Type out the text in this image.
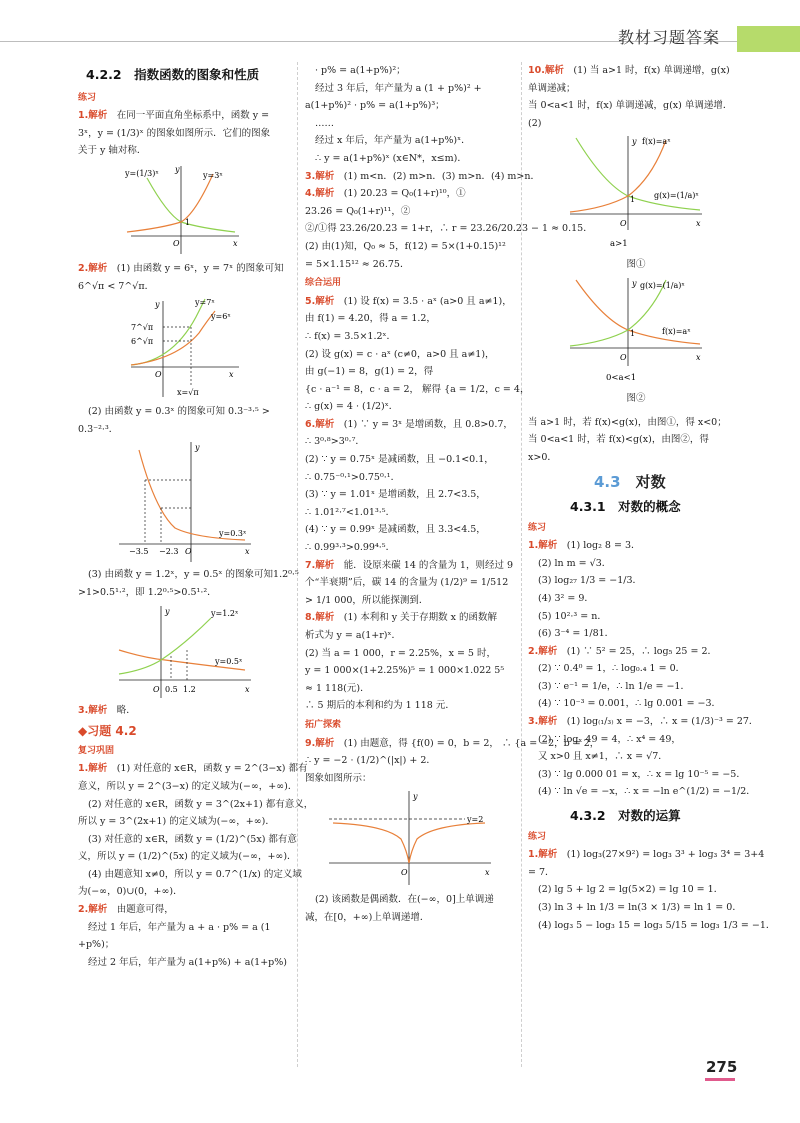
教材习题答案
4.2.2　指数函数的图象和性质
练习
1.解析　在同一平面直角坐标系中，函数 y =
3ˣ，y = (1/3)ˣ 的图象如图所示．它们的图象
关于 y 轴对称．
y=(1/3)ˣ	y=3ˣ
O	x
y
1
2.解析　(1) 由函数 y = 6ˣ，y = 7ˣ 的图象可知
6^√π < 7^√π．
y=7ˣ
y=6ˣ
7^√π
6^√π
O	x
y
x=√π
(2) 由函数 y = 0.3ˣ 的图象可知 0.3⁻³·⁵ >
0.3⁻²·³．
y=0.3ˣ
−3.5 −2.3 O	x
y
(3) 由函数 y = 1.2ˣ，y = 0.5ˣ 的图象可知1.2⁰·⁵
>1>0.5¹·²，即 1.2⁰·⁵>0.5¹·²．
y=1.2ˣ
y=0.5ˣ
O 0.5 1.2	x
y
3.解析　略．
◆习题 4.2
复习巩固
1.解析　(1) 对任意的 x∈R，函数 y = 2^(3−x) 都有
意义，所以 y = 2^(3−x) 的定义域为(−∞，+∞)．
(2) 对任意的 x∈R，函数 y = 3^(2x+1) 都有意义，
所以 y = 3^(2x+1) 的定义域为(−∞，+∞)．
(3) 对任意的 x∈R，函数 y = (1/2)^(5x) 都有意
义，所以 y = (1/2)^(5x) 的定义域为(−∞，+∞)．
(4) 由题意知 x≠0，所以 y = 0.7^(1/x) 的定义域
为(−∞，0)∪(0，+∞)．
2.解析　由题意可得，
经过 1 年后，年产量为 a + a · p% = a (1
+p%)；
经过 2 年后，年产量为 a(1+p%) + a(1+p%)
· p% = a(1+p%)²；
经过 3 年后，年产量为 a (1 + p%)² +
a(1+p%)² · p% = a(1+p%)³；
……
经过 x 年后，年产量为 a(1+p%)ˣ．
∴ y = a(1+p%)ˣ (x∈N*，x≤m)．
3.解析　(1) m<n．(2) m>n．(3) m>n．(4) m>n．
4.解析　(1) 20.23 = Q₀(1+r)¹⁰，①
23.26 = Q₀(1+r)¹¹，②
②/①得 23.26/20.23 = 1+r，∴ r = 23.26/20.23 − 1 ≈ 0.15．
(2) 由(1)知，Q₀ ≈ 5，f(12) = 5×(1+0.15)¹²
= 5×1.15¹² ≈ 26.75．
综合运用
5.解析　(1) 设 f(x) = 3.5 · aˣ (a>0 且 a≠1)，
由 f(1) = 4.20，得 a = 1.2，
∴ f(x) = 3.5×1.2ˣ．
(2) 设 g(x) = c · aˣ (c≠0，a>0 且 a≠1)，
由 g(−1) = 8，g(1) = 2，得
{c · a⁻¹ = 8，c · a = 2， 解得 {a = 1/2，c = 4，
∴ g(x) = 4 · (1/2)ˣ．
6.解析　(1) ∵ y = 3ˣ 是增函数，且 0.8>0.7，
∴ 3⁰·⁸>3⁰·⁷．
(2) ∵ y = 0.75ˣ 是减函数，且 −0.1<0.1，
∴ 0.75⁻⁰·¹>0.75⁰·¹．
(3) ∵ y = 1.01ˣ 是增函数，且 2.7<3.5，
∴ 1.01²·⁷<1.01³·⁵．
(4) ∵ y = 0.99ˣ 是减函数，且 3.3<4.5，
∴ 0.99³·³>0.99⁴·⁵．
7.解析　能．设原来碳 14 的含量为 1，则经过 9
个“半衰期”后，碳 14 的含量为 (1/2)⁹ = 1/512
> 1/1 000，所以能探测到．
8.解析　(1) 本利和 y 关于存期数 x 的函数解
析式为 y = a(1+r)ˣ．
(2) 当 a = 1 000，r = 2.25%，x = 5 时，
y = 1 000×(1+2.25%)⁵ = 1 000×1.022 5⁵
≈ 1 118(元)．
∴ 5 期后的本利和约为 1 118 元．
拓广探索
9.解析　(1) 由题意，得 {f(0) = 0，b = 2， ∴ {a = −2，b = 2，
∴ y = −2 · (1/2)^(|x|) + 2．
图象如图所示：
y=2
O	x
y
(2) 该函数是偶函数．在(−∞，0]上单调递
减，在[0，+∞)上单调递增．
10.解析　(1) 当 a>1 时，f(x) 单调递增，g(x)
单调递减；
当 0<a<1 时，f(x) 单调递减，g(x) 单调递增．
(2)
f(x)=aˣ
g(x)=(1/a)ˣ
1
O	x
y
a>1
图①
g(x)=(1/a)ˣ
f(x)=aˣ
1
O	x
y
0<a<1
图②
当 a>1 时，若 f(x)<g(x)，由图①，得 x<0；
当 0<a<1 时，若 f(x)<g(x)，由图②，得
x>0．
4.3　对数
4.3.1　对数的概念
练习
1.解析　(1) log₂ 8 = 3．
(2) ln m = √3．
(3) log₂₇ 1/3 = −1/3．
(4) 3² = 9．
(5) 10²·³ = n．
(6) 3⁻⁴ = 1/81．
2.解析　(1) ∵ 5² = 25，∴ log₅ 25 = 2．
(2) ∵ 0.4⁰ = 1，∴ log₀.₄ 1 = 0．
(3) ∵ e⁻¹ = 1/e，∴ ln 1/e = −1．
(4) ∵ 10⁻³ = 0.001，∴ lg 0.001 = −3．
3.解析　(1) log₍₁/₃₎ x = −3，∴ x = (1/3)⁻³ = 27．
(2) ∵ logₓ 49 = 4，∴ x⁴ = 49，
又 x>0 且 x≠1，∴ x = √7．
(3) ∵ lg 0.000 01 = x，∴ x = lg 10⁻⁵ = −5．
(4) ∵ ln √e = −x，∴ x = −ln e^(1/2) = −1/2．
4.3.2　对数的运算
练习
1.解析　(1) log₃(27×9²) = log₃ 3³ + log₃ 3⁴ = 3+4
= 7．
(2) lg 5 + lg 2 = lg(5×2) = lg 10 = 1．
(3) ln 3 + ln 1/3 = ln(3 × 1/3) = ln 1 = 0．
(4) log₃ 5 − log₃ 15 = log₃ 5/15 = log₃ 1/3 = −1．
275
